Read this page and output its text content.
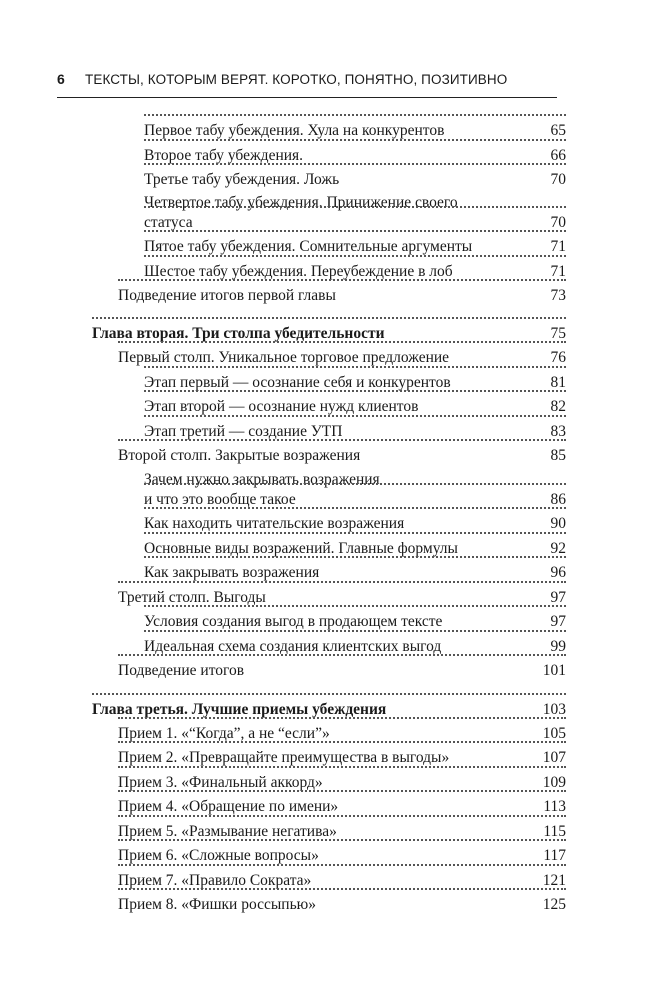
6 ТЕКСТЫ, КОТОРЫМ ВЕРЯТ. КОРОТКО, ПОНЯТНО, ПОЗИТИВНО
Первое табу убеждения. Хула на конкурентов	65
Второе табу убеждения.	66
Третье табу убеждения. Ложь	70
Четвертое табу убеждения. Принижение своего
статуса	70
Пятое табу убеждения. Сомнительные аргументы	71
Шестое табу убеждения. Переубеждение в лоб	71
Подведение итогов первой главы	73
Глава вторая. Три столпа убедительности	75
Первый столп. Уникальное торговое предложение	76
Этап первый — осознание себя и конкурентов	81
Этап второй — осознание нужд клиентов	82
Этап третий — создание УТП	83
Второй столп. Закрытые возражения	85
Зачем нужно закрывать возражения
и что это вообще такое	86
Как находить читательские возражения	90
Основные виды возражений. Главные формулы	92
Как закрывать возражения	96
Третий столп. Выгоды	97
Условия создания выгод в продающем тексте	97
Идеальная схема создания клиентских выгод	99
Подведение итогов	101
Глава третья. Лучшие приемы убеждения	103
Прием 1. «“Когда”, а не “если”»	105
Прием 2. «Превращайте преимущества в выгоды»	107
Прием 3. «Финальный аккорд»	109
Прием 4. «Обращение по имени»	113
Прием 5. «Размывание негатива»	115
Прием 6. «Сложные вопросы»	117
Прием 7. «Правило Сократа»	121
Прием 8. «Фишки россыпью»	125
